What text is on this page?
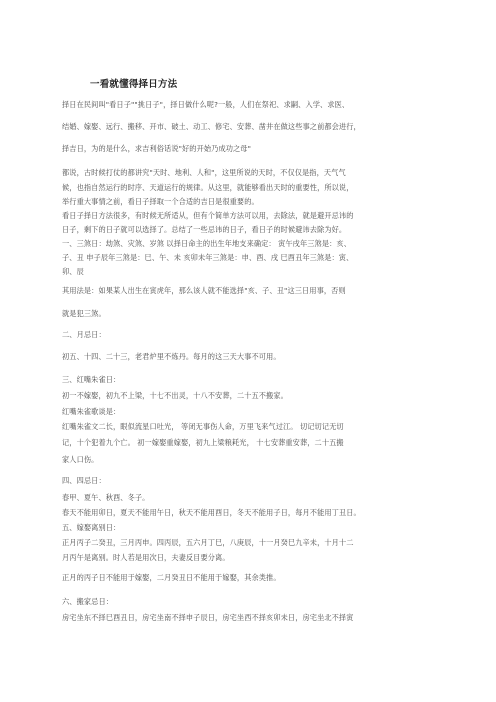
一看就懂得择日方法
择日在民间叫"看日子""挑日子"，择日做什么呢?一般，人们在祭祀、求嗣、入学、求医、
结婚、嫁娶、远行、搬移、开市、破土、动工、修宅、安葬、凿井在做这些事之前都会进行，
择吉日，为的是什么，求吉利俗话说"好的开始乃成功之母"
都说，古时候打仗的都讲究"天时、地利、人和"，这里所说的天时，不仅仅是指，天气气
候，也指自然运行的时序、天道运行的规律。从这里，就能够看出天时的重要性，所以说，
举行重大事情之前，看日子择取一个合适的吉日是很重要的。
看日子择日方法很多，有时候无所适从，但有个简单方法可以用，去除法，就是避开忌讳的
日子，剩下的日子就可以选择了。总结了一些忌讳的日子，看日子的时候避讳去除为好。
一、三煞日：劫煞、灾煞、岁煞 以择日命主的出生年地支来确定： 寅午戌年三煞是：亥、
子、丑 申子辰年三煞是：巳、午、未 亥卯未年三煞是：申、酉、戌 巳酉丑年三煞是：寅、
卯、辰
其用法是：如果某人出生在寅虎年，那么该人就不能选择"亥、子、丑"这三日用事，否则
就是犯三煞。
二、月忌日：
初五、十四、二十三，老君炉里不炼丹。每月的这三天大事不可用。
三、红嘴朱雀日：
初一不嫁娶，初九不上梁，十七不出灵，十八不安葬，二十五不搬家。
红嘴朱雀歌谈是：
红嘴朱雀文二长，眼似流星口吐光， 等闭无事伤人命，万里飞来气过江。 切记切记无切
记，十个犯着九个亡。 初一嫁娶重嫁娶，初九上梁粮耗光， 十七安葬重安葬，二十五搬
家人口伤。
四、四忌日：
春甲、夏午、秋酉、冬子。
春天不能用卯日，夏天不能用午日，秋天不能用酉日，冬天不能用子日，每月不能用丁丑日。
五、嫁娶离别日：
正月丙子二癸丑，三月丙申。四丙辰，五六月丁巳，八庚辰，十一月癸巳九辛未，十月十二
月丙午是离别。时人若是用次日，夫妻反目要分离。
正月的丙子日不能用于嫁娶，二月癸丑日不能用于嫁娶，其余类推。
六、搬家忌日：
房宅坐东不择巳酉丑日，房宅坐南不择申子辰日，房宅坐西不择亥卯未日，房宅坐北不择寅
